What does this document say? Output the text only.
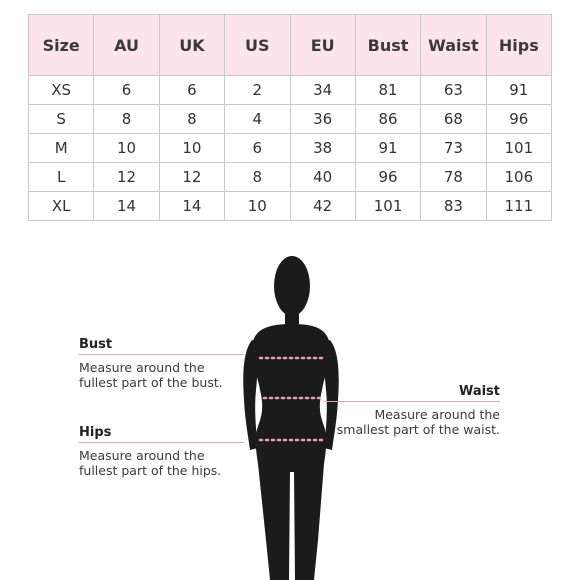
Size	AU	UK	US	EU	Bust	Waist	Hips
XS	6	6	2	34	81	63	91
S	8	8	4	36	86	68	96
M	10	10	6	38	91	73	101
L	12	12	8	40	96	78	106
XL	14	14	10	42	101	83	111
Bust
Measure around the
fullest part of the bust.
Hips
Measure around the
fullest part of the hips.
Waist
Measure around the
smallest part of the waist.
